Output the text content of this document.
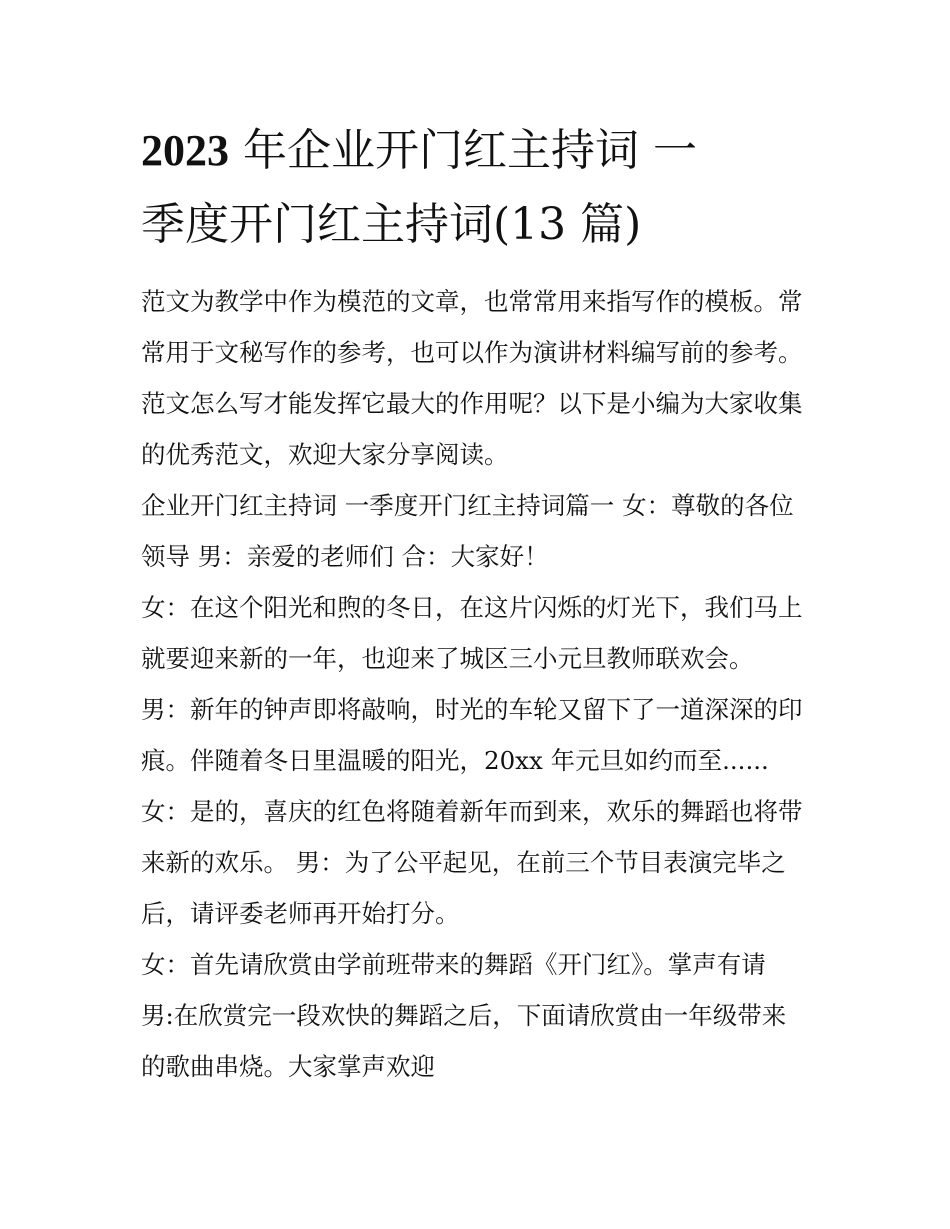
2023 年企业开门红主持词 一
季度开门红主持词(13 篇)

范文为教学中作为模范的文章，也常常用来指写作的模板。常
常用于文秘写作的参考，也可以作为演讲材料编写前的参考。
范文怎么写才能发挥它最大的作用呢？以下是小编为大家收集
的优秀范文，欢迎大家分享阅读。

企业开门红主持词 一季度开门红主持词篇一 女：尊敬的各位
领导 男：亲爱的老师们 合：大家好！

女：在这个阳光和煦的冬日，在这片闪烁的灯光下，我们马上
就要迎来新的一年，也迎来了城区三小元旦教师联欢会。

男：新年的钟声即将敲响，时光的车轮又留下了一道深深的印
痕。伴随着冬日里温暖的阳光，20xx 年元旦如约而至......

女：是的，喜庆的红色将随着新年而到来，欢乐的舞蹈也将带
来新的欢乐。 男：为了公平起见，在前三个节目表演完毕之
后，请评委老师再开始打分。

女：首先请欣赏由学前班带来的舞蹈《开门红》。掌声有请
男:在欣赏完一段欢快的舞蹈之后，下面请欣赏由一年级带来
的歌曲串烧。大家掌声欢迎
